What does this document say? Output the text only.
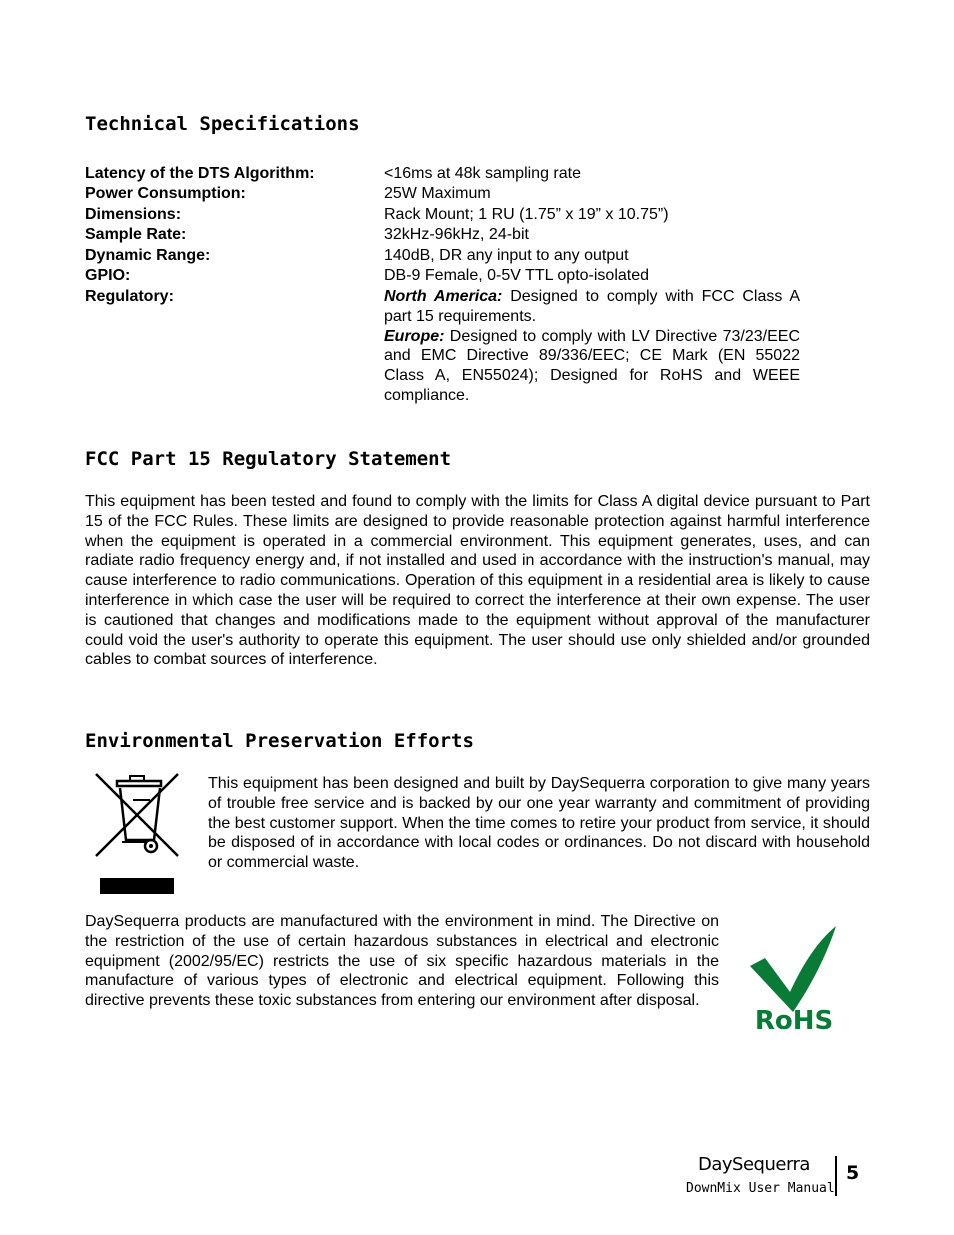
Technical Specifications
Latency of the DTS Algorithm:	<16ms at 48k sampling rate
Power Consumption:	25W Maximum
Dimensions:	Rack Mount; 1 RU (1.75” x 19” x 10.75”)
Sample Rate:	32kHz-96kHz, 24-bit
Dynamic Range:	140dB, DR any input to any output
GPIO:	DB-9 Female, 0-5V TTL opto-isolated
Regulatory:	North America: Designed to comply with FCC Class A part 15 requirements.

Europe: Designed to comply with LV Directive 73/23/EEC and EMC Directive 89/336/EEC; CE Mark (EN 55022 Class A, EN55024); Designed for RoHS and WEEE compliance.

FCC Part 15 Regulatory Statement

This equipment has been tested and found to comply with the limits for Class A digital device pursuant to Part 15 of the FCC Rules. These limits are designed to provide reasonable protection against harmful interference when the equipment is operated in a commercial environment. This equipment generates, uses, and can radiate radio frequency energy and, if not installed and used in accordance with the instruction's manual, may cause interference to radio communications. Operation of this equipment in a residential area is likely to cause interference in which case the user will be required to correct the interference at their own expense. The user is cautioned that changes and modifications made to the equipment without approval of the manufacturer could void the user's authority to operate this equipment. The user should use only shielded and/or grounded cables to combat sources of interference.

Environmental Preservation Efforts

This equipment has been designed and built by DaySequerra corporation to give many years of trouble free service and is backed by our one year warranty and commitment of providing the best customer support. When the time comes to retire your product from service, it should be disposed of in accordance with local codes or ordinances. Do not discard with household or commercial waste.

DaySequerra products are manufactured with the environment in mind. The Directive on the restriction of the use of certain hazardous substances in electrical and electronic equipment (2002/95/EC) restricts the use of six specific hazardous materials in the manufacture of various types of electronic and electrical equipment. Following this directive prevents these toxic substances from entering our environment after disposal.

RoHS
DaySequerra 5
DownMix User Manual
